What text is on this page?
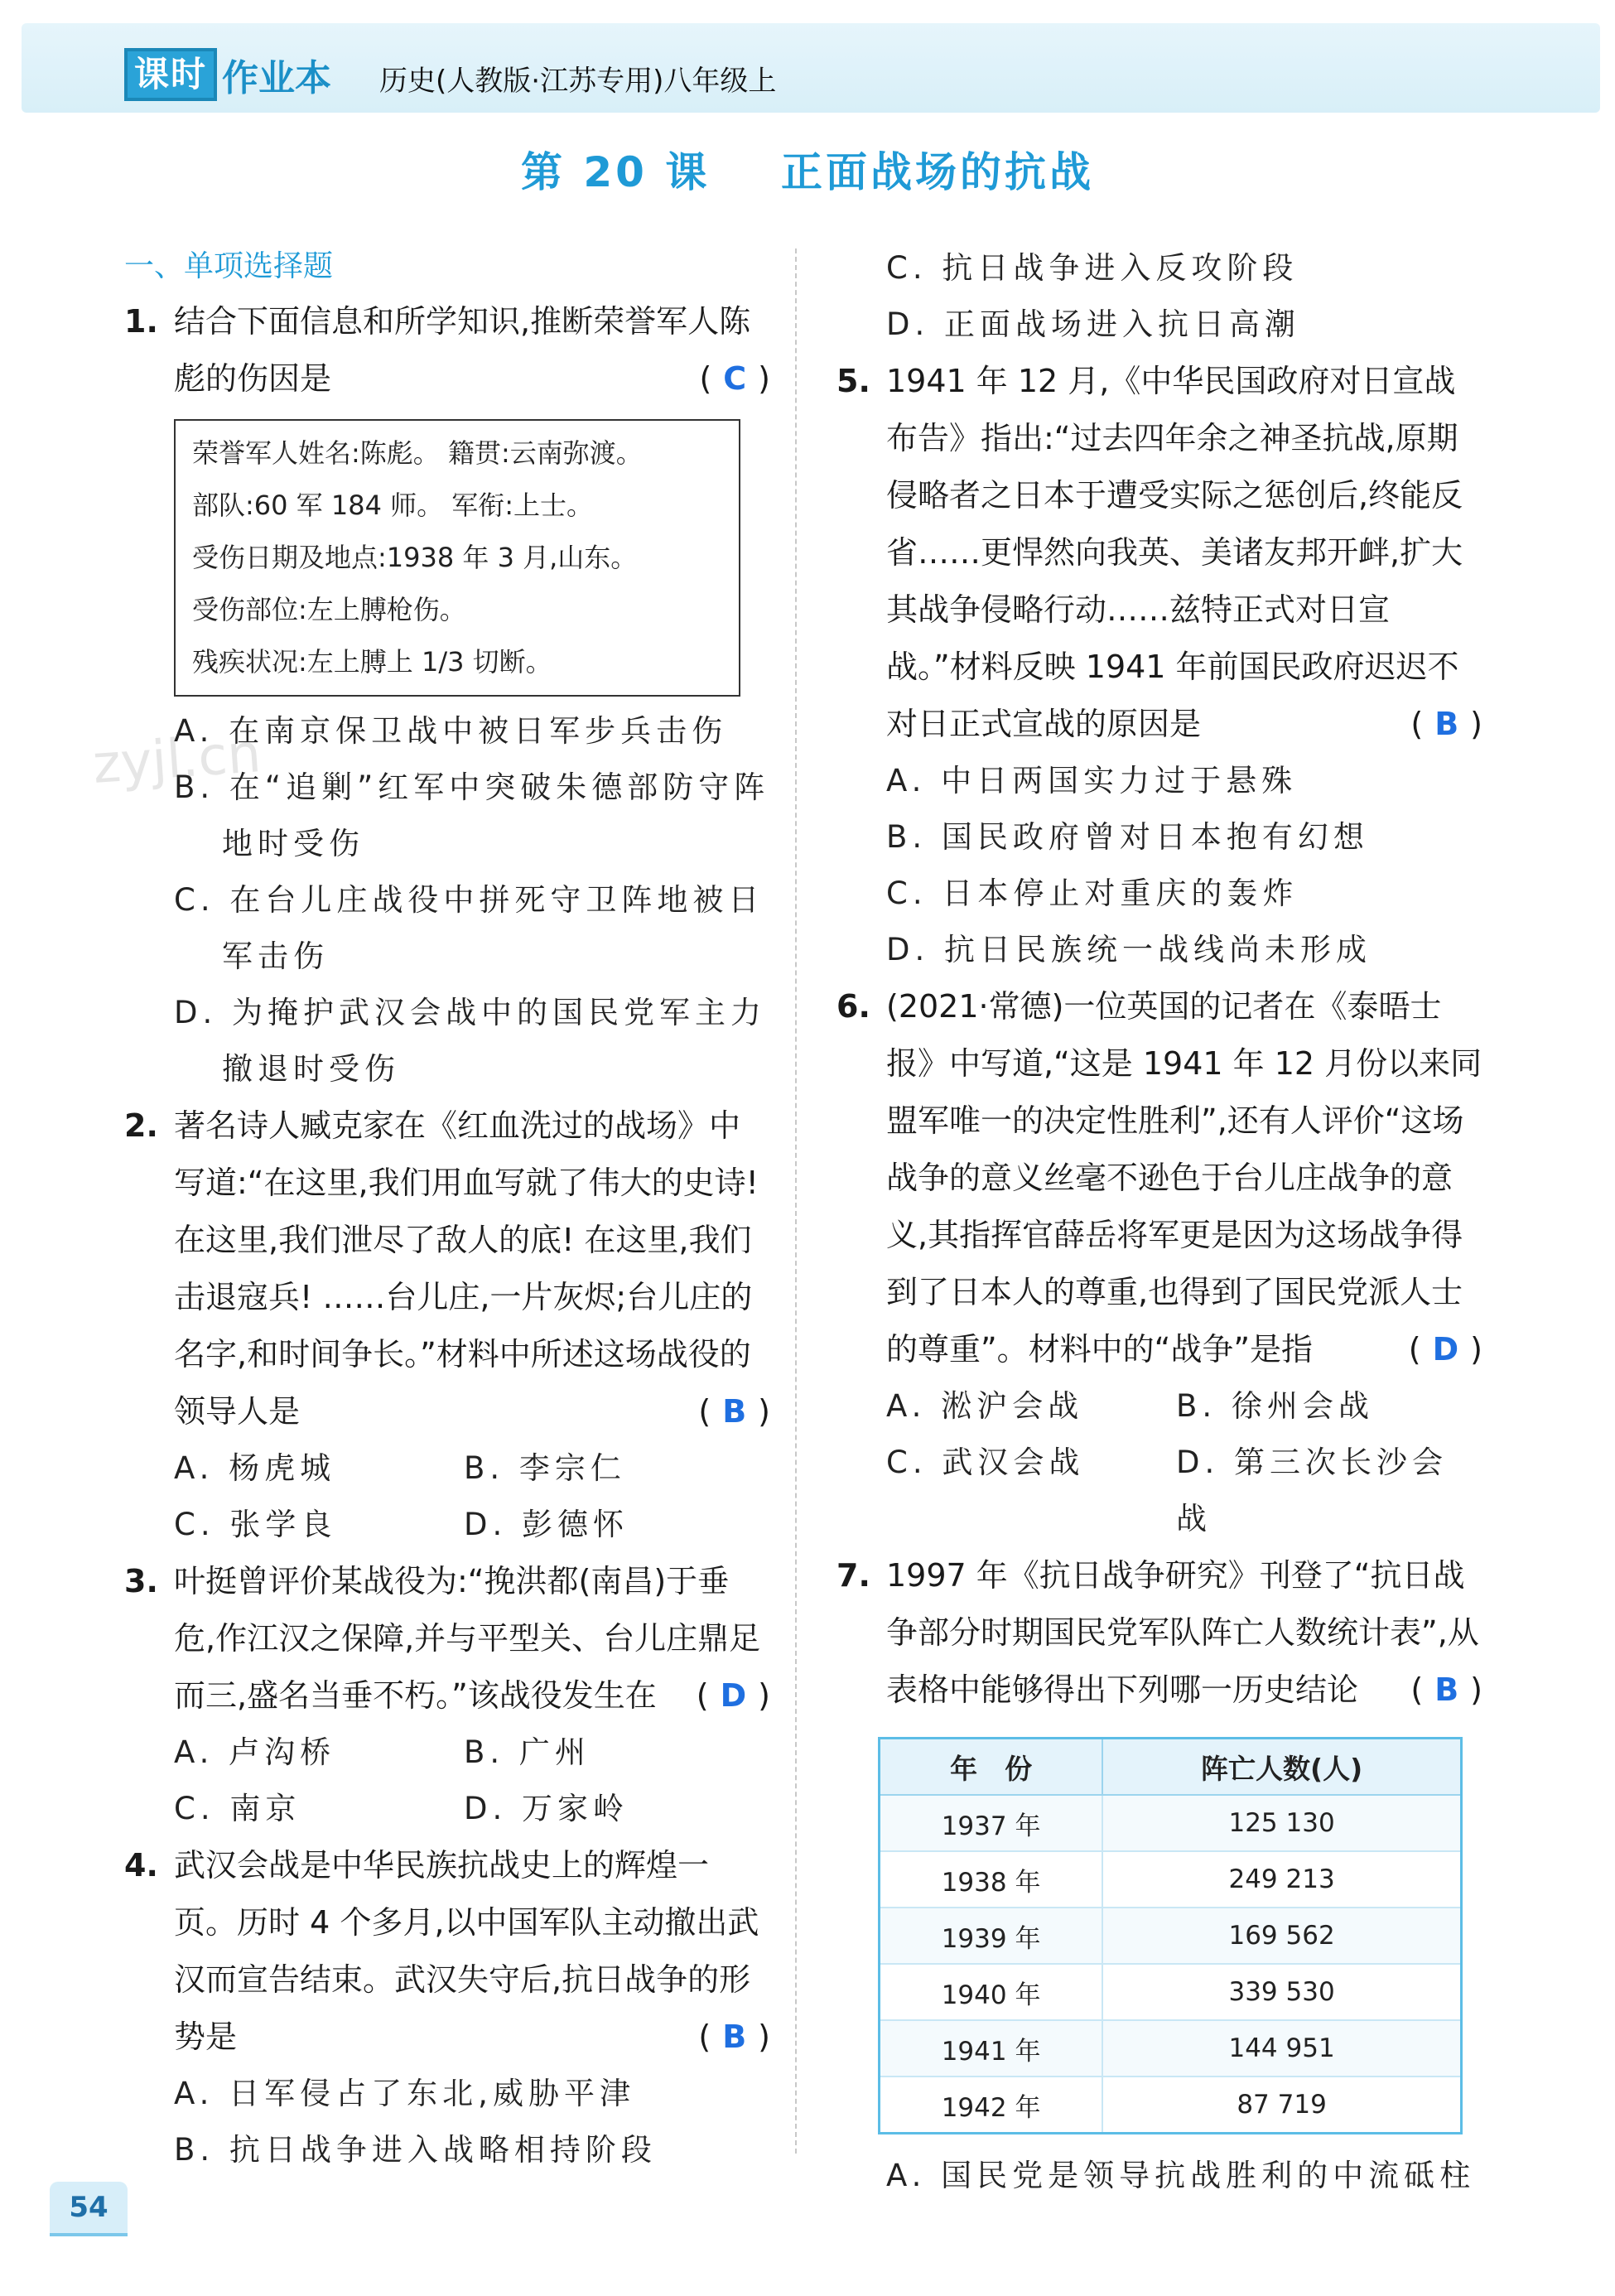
课时 作业本 历史(人教版·江苏专用)八年级上
第 20 课    正面战场的抗战
zyjl.cn
一、单项选择题
1. 结合下面信息和所学知识,推断荣誉军人陈彪的伤因是	( C )
荣誉军人姓名:陈彪。 籍贯:云南弥渡。
部队:60 军 184 师。 军衔:上士。
受伤日期及地点:1938 年 3 月,山东。
受伤部位:左上膊枪伤。
残疾状况:左上膊上 1/3 切断。
A. 在南京保卫战中被日军步兵击伤
B. 在“追剿”红军中突破朱德部防守阵地时受伤
C. 在台儿庄战役中拼死守卫阵地被日军击伤
D. 为掩护武汉会战中的国民党军主力撤退时受伤
2. 著名诗人臧克家在《红血洗过的战场》中写道:“在这里,我们用血写就了伟大的史诗! 在这里,我们泄尽了敌人的底! 在这里,我们击退寇兵! ……台儿庄,一片灰烬;台儿庄的名字,和时间争长。”材料中所述这场战役的领导人是	( B )
A. 杨虎城	B. 李宗仁
C. 张学良	D. 彭德怀
3. 叶挺曾评价某战役为:“挽洪都(南昌)于垂危,作江汉之保障,并与平型关、台儿庄鼎足而三,盛名当垂不朽。”该战役发生在 ( D )
A. 卢沟桥	B. 广州
C. 南京	D. 万家岭
4. 武汉会战是中华民族抗战史上的辉煌一页。历时 4 个多月,以中国军队主动撤出武汉而宣告结束。武汉失守后,抗日战争的形势是	( B )
A. 日军侵占了东北,威胁平津
B. 抗日战争进入战略相持阶段
C. 抗日战争进入反攻阶段
D. 正面战场进入抗日高潮
5. 1941 年 12 月,《中华民国政府对日宣战布告》指出:“过去四年余之神圣抗战,原期侵略者之日本于遭受实际之惩创后,终能反省……更悍然向我英、美诸友邦开衅,扩大其战争侵略行动……兹特正式对日宣战。”材料反映 1941 年前国民政府迟迟不对日正式宣战的原因是	( B )
A. 中日两国实力过于悬殊
B. 国民政府曾对日本抱有幻想
C. 日本停止对重庆的轰炸
D. 抗日民族统一战线尚未形成
6. (2021·常德)一位英国的记者在《泰晤士报》中写道,“这是 1941 年 12 月份以来同盟军唯一的决定性胜利”,还有人评价“这场战争的意义丝毫不逊色于台儿庄战争的意义,其指挥官薛岳将军更是因为这场战争得到了日本人的尊重,也得到了国民党派人士的尊重”。材料中的“战争”是指	( D )
A. 淞沪会战	B. 徐州会战
C. 武汉会战	D. 第三次长沙会战
7. 1997 年《抗日战争研究》刊登了“抗日战争部分时期国民党军队阵亡人数统计表”,从表格中能够得出下列哪一历史结论 ( B )
年　份	阵亡人数(人)
1937 年	125 130
1938 年	249 213
1939 年	169 562
1940 年	339 530
1941 年	144 951
1942 年	87 719
A. 国民党是领导抗战胜利的中流砥柱
54
